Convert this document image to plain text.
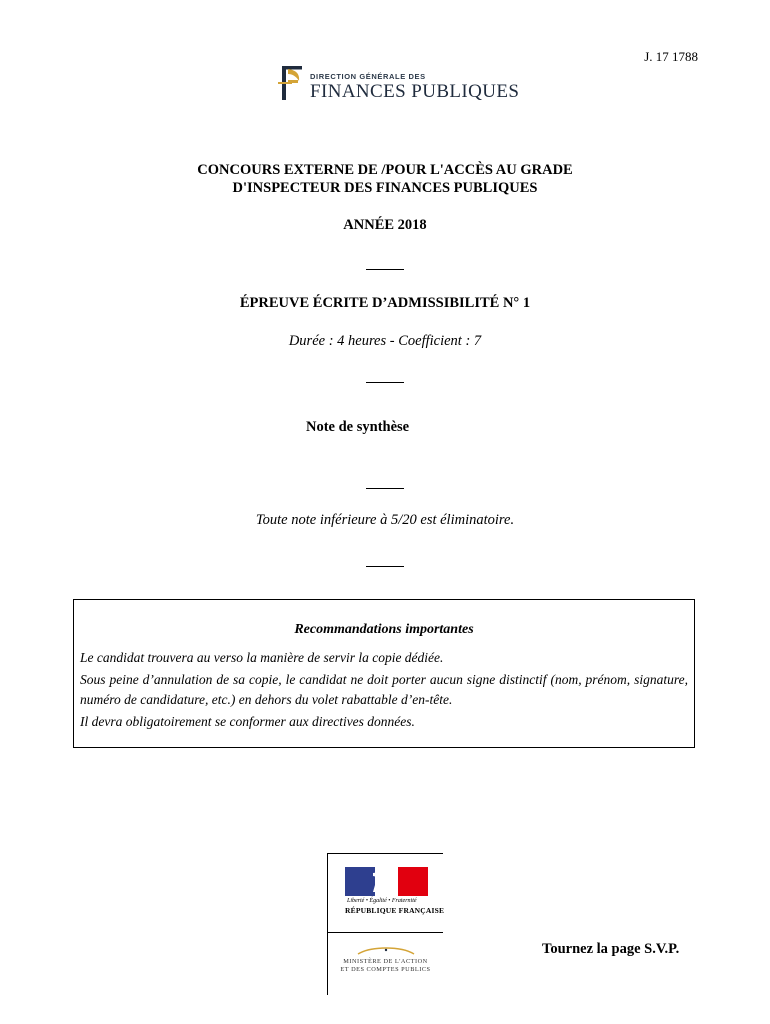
J. 17 1788
DIRECTION GÉNÉRALE DES
FINANCES PUBLIQUES
CONCOURS EXTERNE DE /POUR L'ACCÈS AU GRADE
D'INSPECTEUR DES FINANCES PUBLIQUES
ANNÉE 2018
ÉPREUVE ÉCRITE D’ADMISSIBILITÉ N° 1
Durée : 4 heures - Coefficient : 7
Note de synthèse
Toute note inférieure à 5/20 est éliminatoire.
Recommandations importantes
Le candidat trouvera au verso la manière de servir la copie dédiée.
Sous peine d’annulation de sa copie, le candidat ne doit porter aucun signe distinctif (nom, prénom, signature, numéro de candidature, etc.) en dehors du volet rabattable d’en-tête.
Il devra obligatoirement se conformer aux directives données.
Liberté • Égalité • Fraternité
RÉPUBLIQUE FRANÇAISE
MINISTÈRE DE L'ACTION
ET DES COMPTES PUBLICS
Tournez la page S.V.P.
